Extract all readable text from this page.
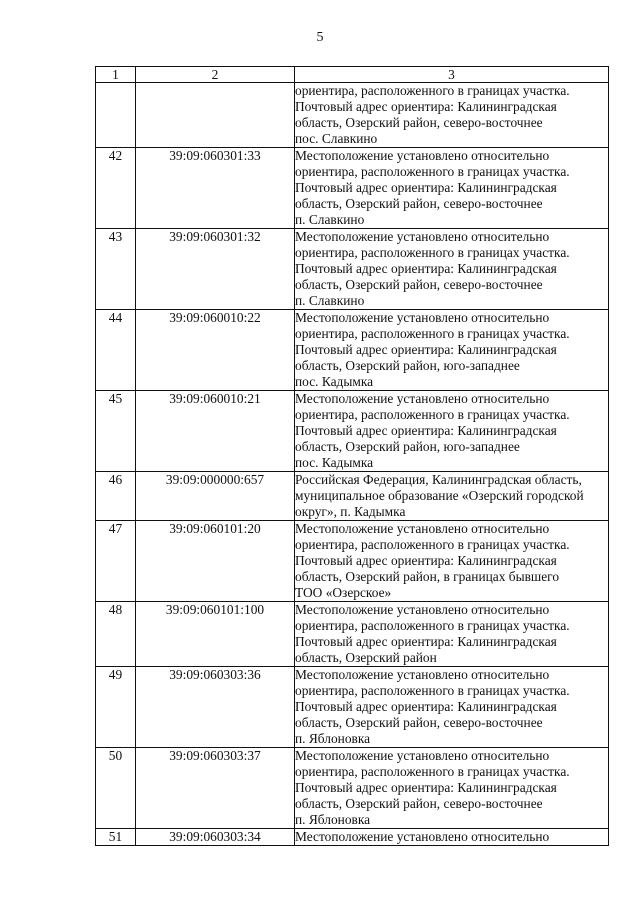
5
1	2	3
		ориентира, расположенного в границах участка.
Почтовый адрес ориентира: Калининградская
область, Озерский район, северо-восточнее
пос. Славкино
42	39:09:060301:33	Местоположение установлено относительно
ориентира, расположенного в границах участка.
Почтовый адрес ориентира: Калининградская
область, Озерский район, северо-восточнее
п. Славкино
43	39:09:060301:32	Местоположение установлено относительно
ориентира, расположенного в границах участка.
Почтовый адрес ориентира: Калининградская
область, Озерский район, северо-восточнее
п. Славкино
44	39:09:060010:22	Местоположение установлено относительно
ориентира, расположенного в границах участка.
Почтовый адрес ориентира: Калининградская
область, Озерский район, юго-западнее
пос. Кадымка
45	39:09:060010:21	Местоположение установлено относительно
ориентира, расположенного в границах участка.
Почтовый адрес ориентира: Калининградская
область, Озерский район, юго-западнее
пос. Кадымка
46	39:09:000000:657	Российская Федерация, Калининградская область,
муниципальное образование «Озерский городской
округ», п. Кадымка
47	39:09:060101:20	Местоположение установлено относительно
ориентира, расположенного в границах участка.
Почтовый адрес ориентира: Калининградская
область, Озерский район, в границах бывшего
ТОО «Озерское»
48	39:09:060101:100	Местоположение установлено относительно
ориентира, расположенного в границах участка.
Почтовый адрес ориентира: Калининградская
область, Озерский район
49	39:09:060303:36	Местоположение установлено относительно
ориентира, расположенного в границах участка.
Почтовый адрес ориентира: Калининградская
область, Озерский район, северо-восточнее
п. Яблоновка
50	39:09:060303:37	Местоположение установлено относительно
ориентира, расположенного в границах участка.
Почтовый адрес ориентира: Калининградская
область, Озерский район, северо-восточнее
п. Яблоновка
51	39:09:060303:34	Местоположение установлено относительно
